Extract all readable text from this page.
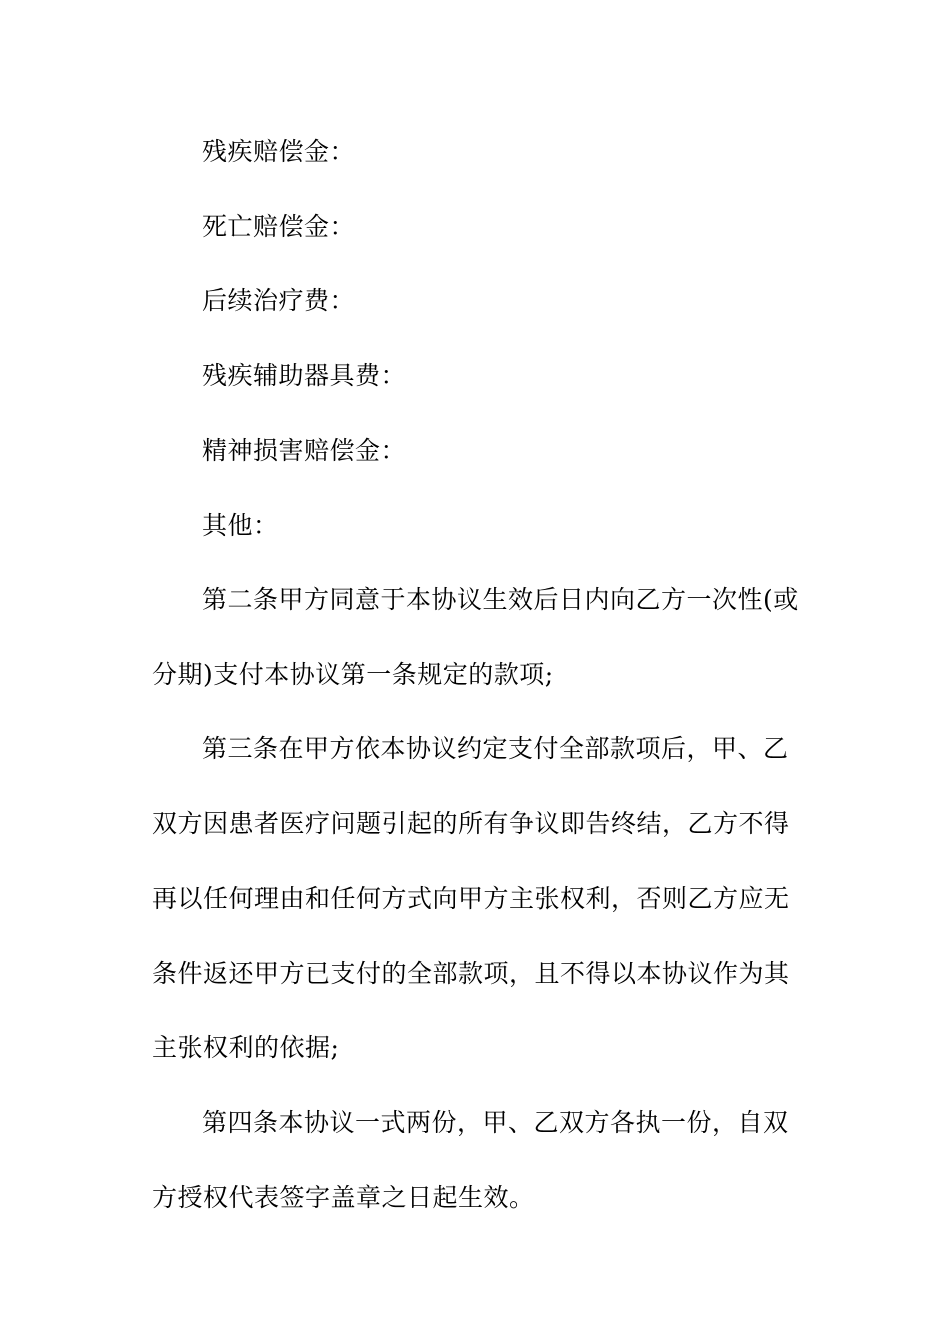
残疾赔偿金：
死亡赔偿金：
后续治疗费：
残疾辅助器具费：
精神损害赔偿金：
其他：
第二条甲方同意于本协议生效后日内向乙方一次性(或
分期)支付本协议第一条规定的款项;
第三条在甲方依本协议约定支付全部款项后，甲、乙
双方因患者医疗问题引起的所有争议即告终结，乙方不得
再以任何理由和任何方式向甲方主张权利，否则乙方应无
条件返还甲方已支付的全部款项，且不得以本协议作为其
主张权利的依据;
第四条本协议一式两份，甲、乙双方各执一份，自双
方授权代表签字盖章之日起生效。
